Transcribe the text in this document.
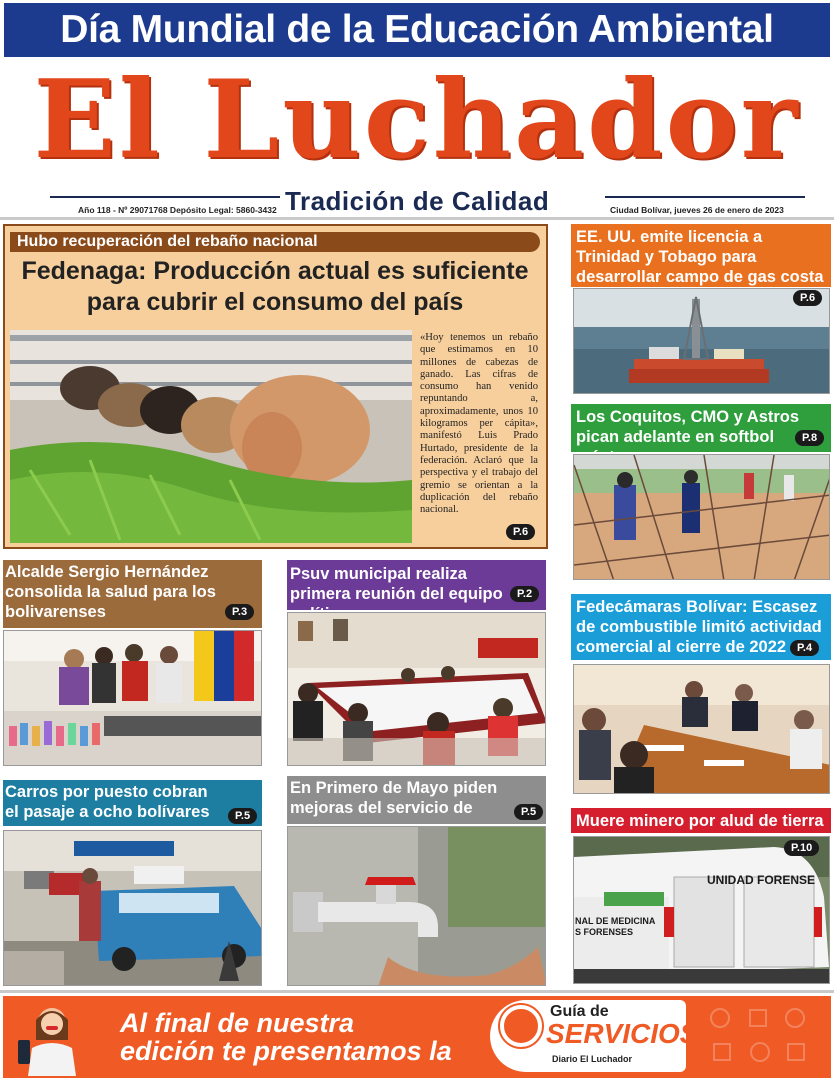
Día Mundial de la Educación Ambiental
El Luchador
Tradición de Calidad
Año 118 - Nº 29071768 Depósito Legal: 5860-3432	Ciudad Bolívar, jueves 26 de enero de 2023
Hubo recuperación del rebaño nacional
Fedenaga: Producción actual es suficiente para cubrir el consumo del país
«Hoy tenemos un rebaño que estimamos en 10 millones de cabezas de ganado. Las cifras de consumo han venido repuntando a, aproximadamente, unos 10 kilogramos per cápita», manifestó Luis Prado Hurtado, presidente de la federación. Aclaró que la perspectiva y el trabajo del gremio se orientan a la duplicación del rebaño nacional.
P.6
EE. UU. emite licencia a Trinidad y Tobago para desarrollar campo de gas costa
P.6
Los Coquitos, CMO y Astros pican adelante en softbol	P.8
Fedecámaras Bolívar: Escasez de combustible limitó actividad comercial al cierre de 2022 P.4
Muere minero por alud de tierra
UNIDAD FORENSE
NAL DE MEDICINA S FORENSES
P.10
Alcalde Sergio Hernández consolida la salud para los bolivarenses	P.3
Psuv municipal realiza primera reunión del equipo	P.2
Carros por puesto cobran el pasaje a ocho bolívares	P.5
En Primero de Mayo piden mejoras del servicio de	P.5
Al final de nuestra
edición te presentamos la
Guía de
SERVICIOS
Diario El Luchador
